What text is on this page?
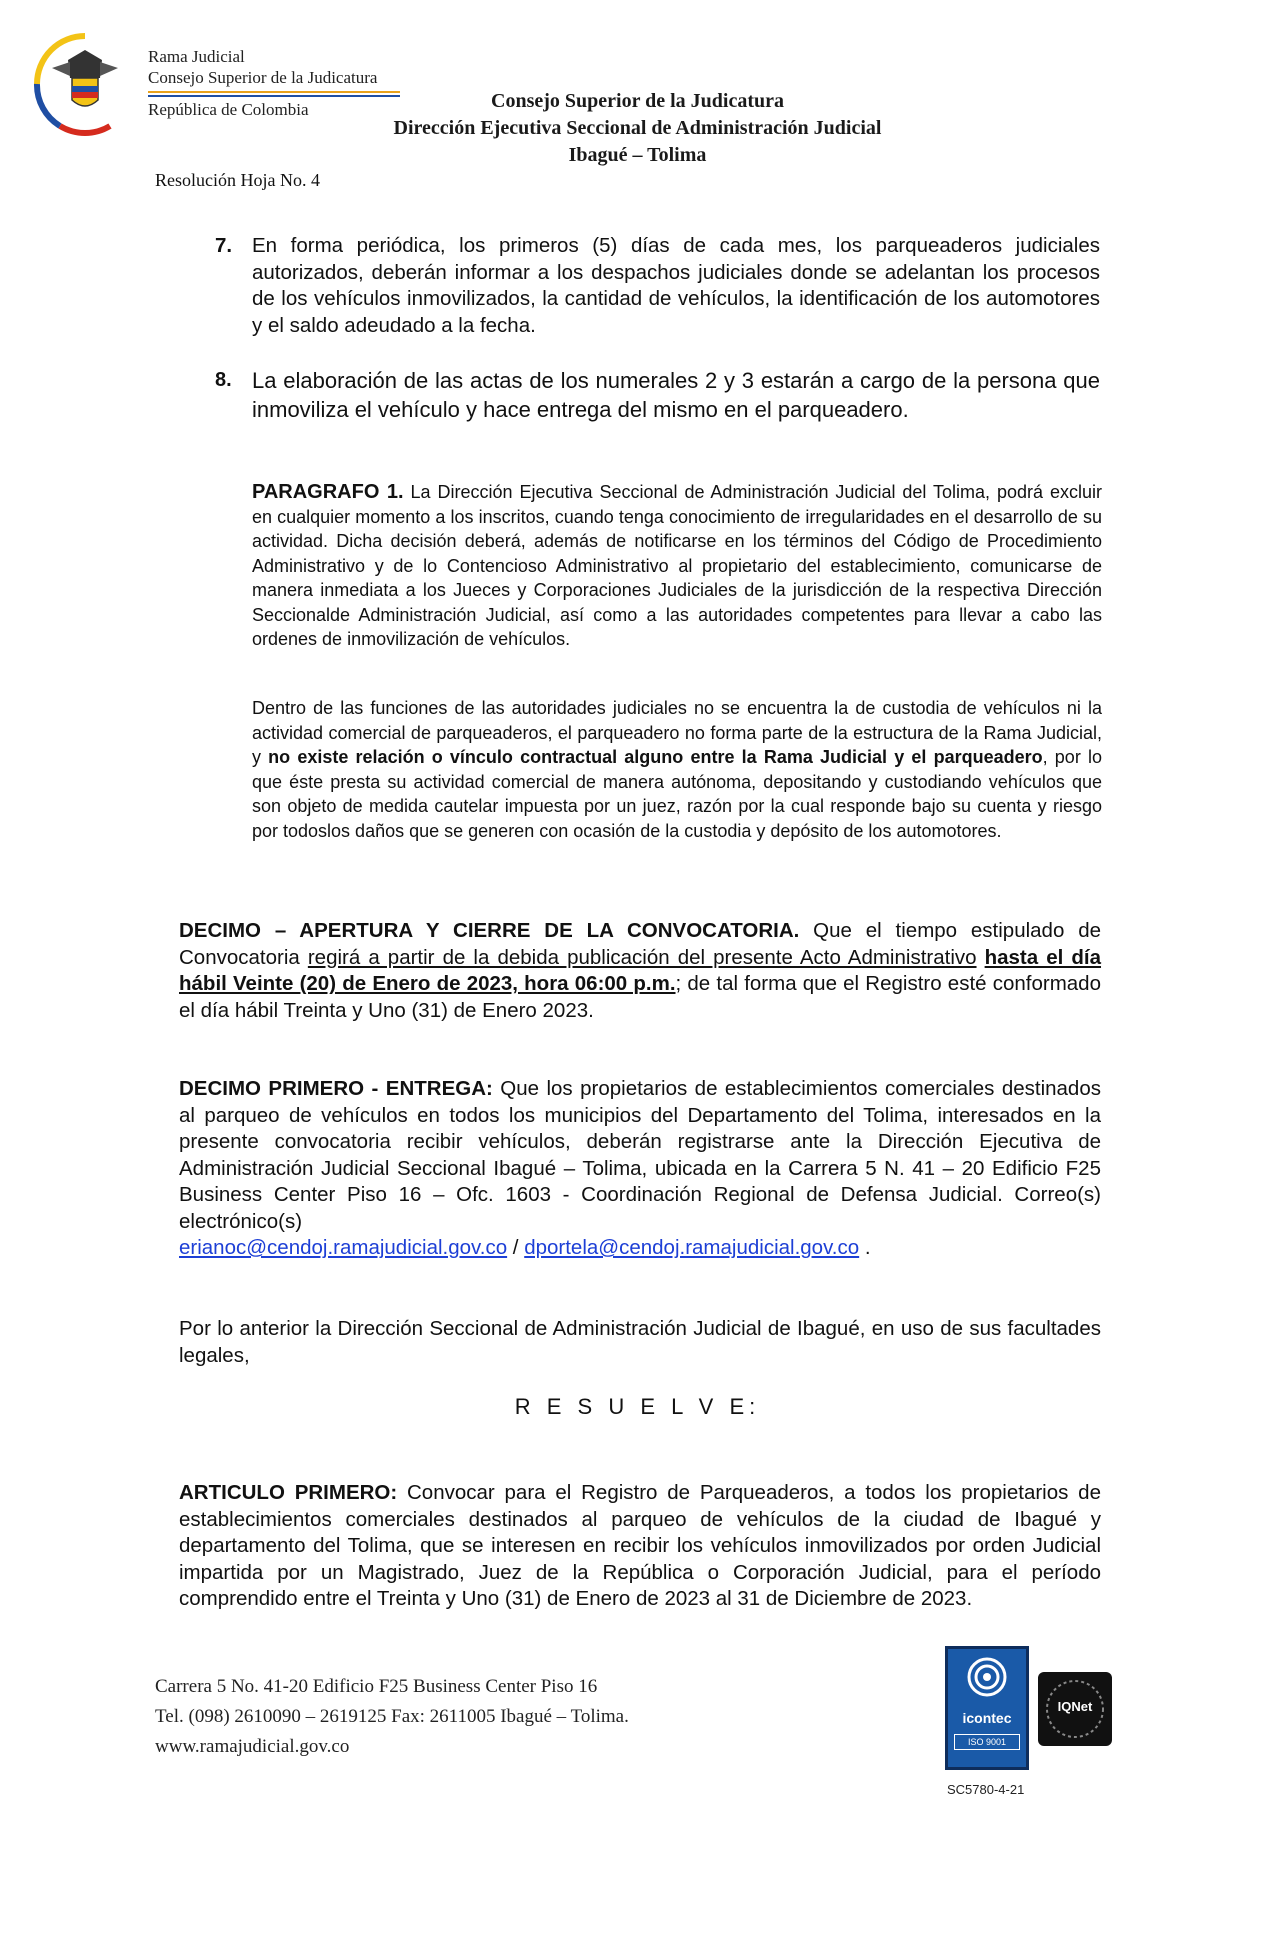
Rama Judicial
Consejo Superior de la Judicatura
República de Colombia	Consejo Superior de la Judicatura
Dirección Ejecutiva Seccional de Administración Judicial
Ibagué – Tolima
Resolución Hoja No. 4
7. En forma periódica, los primeros (5) días de cada mes, los parqueaderos judiciales autorizados, deberán informar a los despachos judiciales donde se adelantan los procesos de los vehículos inmovilizados, la cantidad de vehículos, la identificación de los automotores y el saldo adeudado a la fecha.
8. La elaboración de las actas de los numerales 2 y 3 estarán a cargo de la persona que inmoviliza el vehículo y hace entrega del mismo en el parqueadero.
PARAGRAFO 1. La Dirección Ejecutiva Seccional de Administración Judicial del Tolima, podrá excluir en cualquier momento a los inscritos, cuando tenga conocimiento de irregularidades en el desarrollo de su actividad. Dicha decisión deberá, además de notificarse en los términos del Código de Procedimiento Administrativo y de lo Contencioso Administrativo al propietario del establecimiento, comunicarse de manera inmediata a los Jueces y Corporaciones Judiciales de la jurisdicción de la respectiva Dirección Seccionalde Administración Judicial, así como a las autoridades competentes para llevar a cabo las ordenes de inmovilización de vehículos.
Dentro de las funciones de las autoridades judiciales no se encuentra la de custodia de vehículos ni la actividad comercial de parqueaderos, el parqueadero no forma parte de la estructura de la Rama Judicial, y no existe relación o vínculo contractual alguno entre la Rama Judicial y el parqueadero, por lo que éste presta su actividad comercial de manera autónoma, depositando y custodiando vehículos que son objeto de medida cautelar impuesta por un juez, razón por la cual responde bajo su cuenta y riesgo por todoslos daños que se generen con ocasión de la custodia y depósito de los automotores.
DECIMO – APERTURA Y CIERRE DE LA CONVOCATORIA. Que el tiempo estipulado de Convocatoria regirá a partir de la debida publicación del presente Acto Administrativo hasta el día hábil Veinte (20) de Enero de 2023, hora 06:00 p.m.; de tal forma que el Registro esté conformado el día hábil Treinta y Uno (31) de Enero 2023.
DECIMO PRIMERO - ENTREGA: Que los propietarios de establecimientos comerciales destinados al parqueo de vehículos en todos los municipios del Departamento del Tolima, interesados en la presente convocatoria recibir vehículos, deberán registrarse ante la Dirección Ejecutiva de Administración Judicial Seccional Ibagué – Tolima, ubicada en la Carrera 5 N. 41 – 20 Edificio F25 Business Center Piso 16 – Ofc. 1603 - Coordinación Regional de Defensa Judicial. Correo(s) electrónico(s)
erianoc@cendoj.ramajudicial.gov.co / dportela@cendoj.ramajudicial.gov.co .
Por lo anterior la Dirección Seccional de Administración Judicial de Ibagué, en uso de sus facultades legales,
R E S U E L V E:
ARTICULO PRIMERO: Convocar para el Registro de Parqueaderos, a todos los propietarios de establecimientos comerciales destinados al parqueo de vehículos de la ciudad de Ibagué y departamento del Tolima, que se interesen en recibir los vehículos inmovilizados por orden Judicial impartida por un Magistrado, Juez de la República o Corporación Judicial, para el período comprendido entre el Treinta y Uno (31) de Enero de 2023 al 31 de Diciembre de 2023.
Carrera 5 No. 41-20 Edificio F25 Business Center Piso 16
Tel. (098) 2610090 – 2619125 Fax: 2611005 Ibagué – Tolima.
www.ramajudicial.gov.co
icontec
ISO 9001
IQNet
SC5780-4-21
